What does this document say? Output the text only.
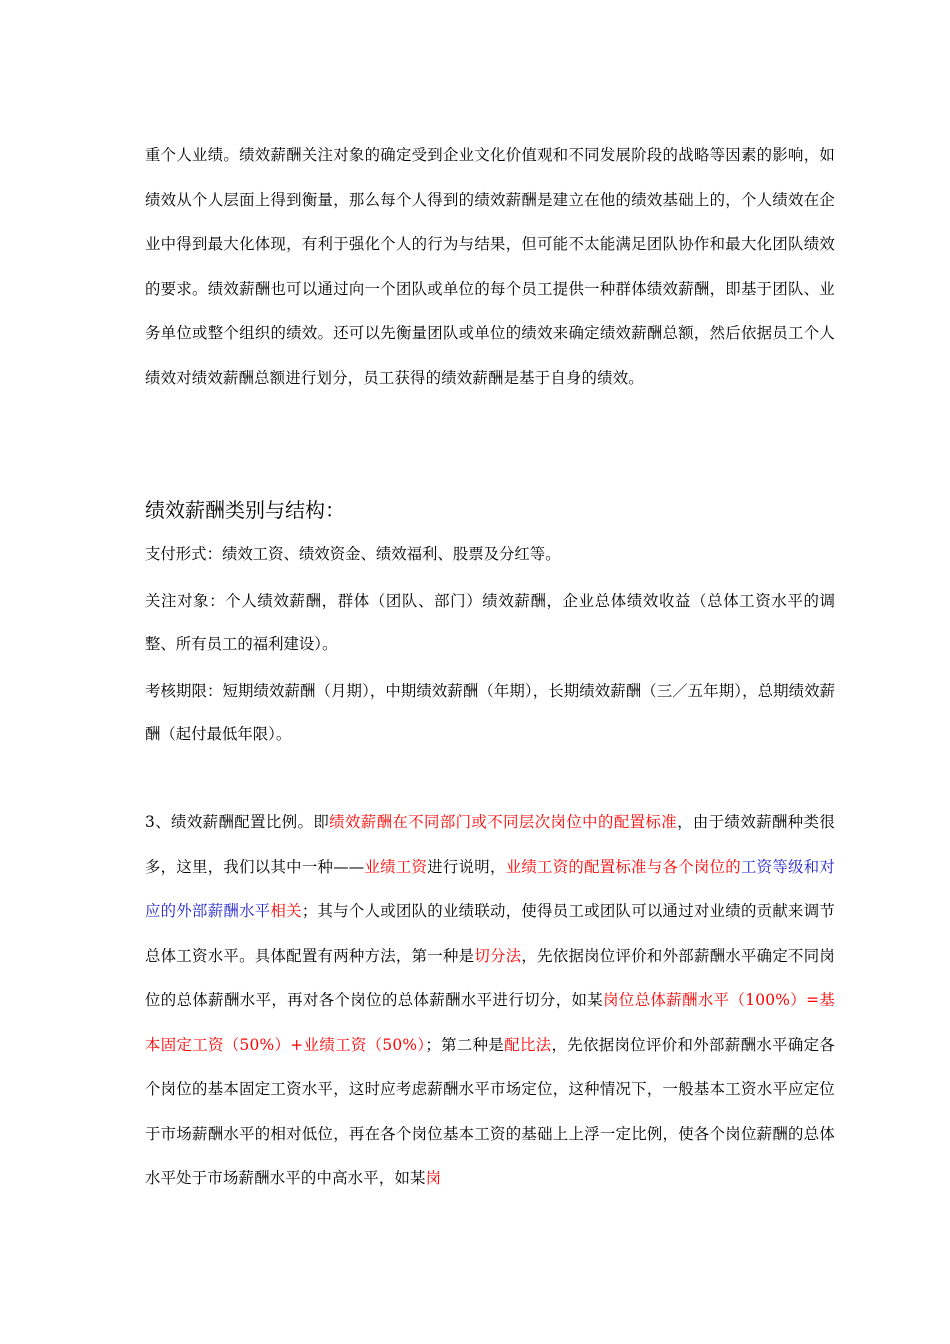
重个人业绩。绩效薪酬关注对象的确定受到企业文化价值观和不同发展阶段的战略等因素的影响，如绩效从个人层面上得到衡量，那么每个人得到的绩效薪酬是建立在他的绩效基础上的，个人绩效在企业中得到最大化体现，有利于强化个人的行为与结果，但可能不太能满足团队协作和最大化团队绩效的要求。绩效薪酬也可以通过向一个团队或单位的每个员工提供一种群体绩效薪酬，即基于团队、业务单位或整个组织的绩效。还可以先衡量团队或单位的绩效来确定绩效薪酬总额，然后依据员工个人绩效对绩效薪酬总额进行划分，员工获得的绩效薪酬是基于自身的绩效。
绩效薪酬类别与结构：
支付形式：绩效工资、绩效资金、绩效福利、股票及分红等。
关注对象：个人绩效薪酬，群体（团队、部门）绩效薪酬，企业总体绩效收益（总体工资水平的调整、所有员工的福利建设）。
考核期限：短期绩效薪酬（月期），中期绩效薪酬（年期），长期绩效薪酬（三／五年期），总期绩效薪酬（起付最低年限）。
3、绩效薪酬配置比例。即绩效薪酬在不同部门或不同层次岗位中的配置标准，由于绩效薪酬种类很多，这里，我们以其中一种——业绩工资进行说明，业绩工资的配置标准与各个岗位的工资等级和对应的外部薪酬水平相关；其与个人或团队的业绩联动，使得员工或团队可以通过对业绩的贡献来调节总体工资水平。具体配置有两种方法，第一种是切分法，先依据岗位评价和外部薪酬水平确定不同岗位的总体薪酬水平，再对各个岗位的总体薪酬水平进行切分，如某岗位总体薪酬水平（100%）=基本固定工资（50%）+业绩工资（50%）；第二种是配比法，先依据岗位评价和外部薪酬水平确定各个岗位的基本固定工资水平，这时应考虑薪酬水平市场定位，这种情况下，一般基本工资水平应定位于市场薪酬水平的相对低位，再在各个岗位基本工资的基础上上浮一定比例，使各个岗位薪酬的总体水平处于市场薪酬水平的中高水平，如某岗
